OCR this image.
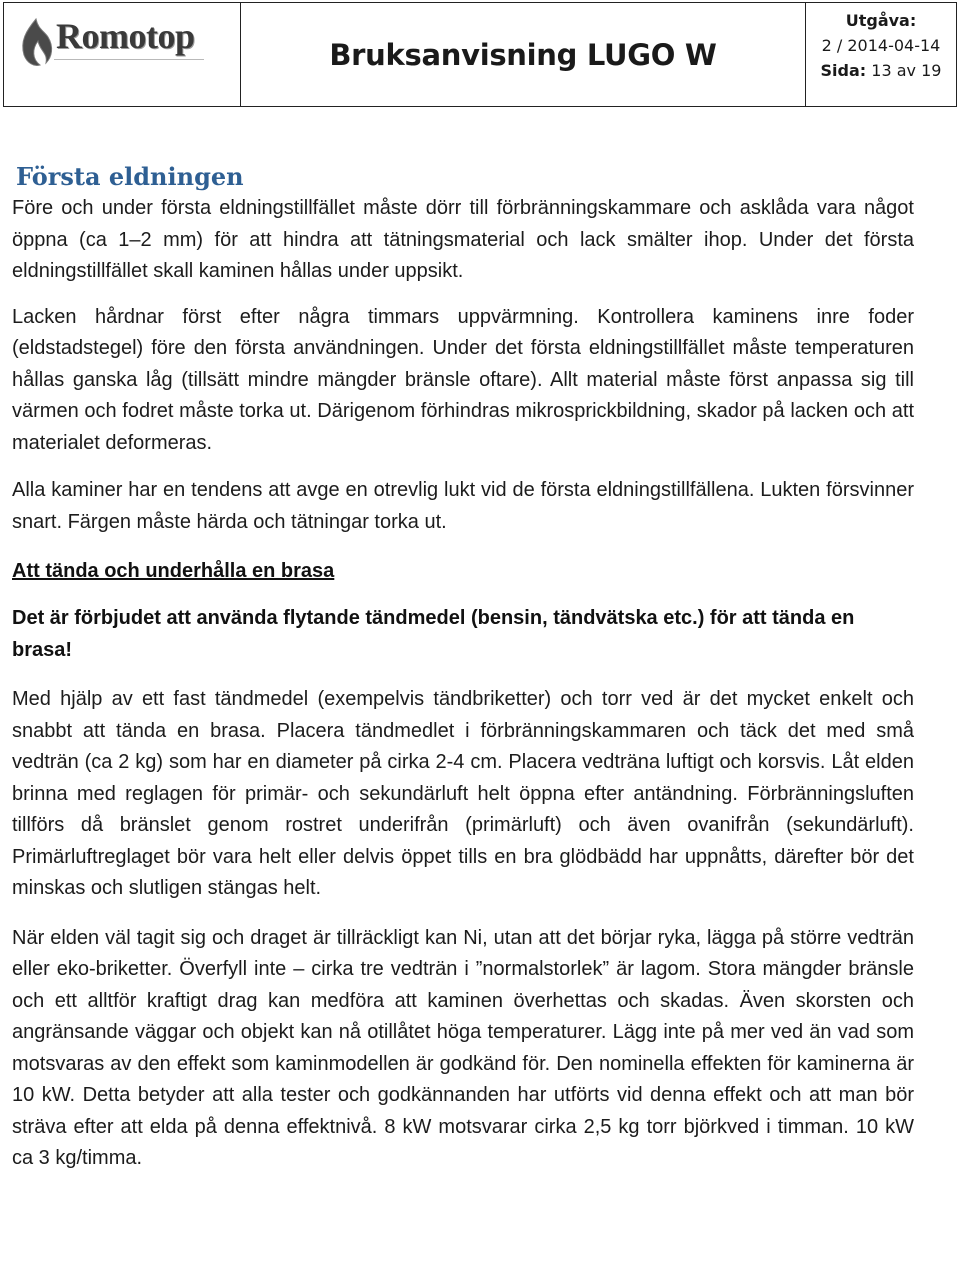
Romotop	Bruksanvisning LUGO W
Utgåva:
2 / 2014-04-14
Sida: 13 av 19
Första eldningen

Före och under första eldningstillfället måste dörr till förbränningskammare och asklåda vara något öppna (ca 1–2 mm) för att hindra att tätningsmaterial och lack smälter ihop. Under det första eldningstillfället skall kaminen hållas under uppsikt.

Lacken hårdnar först efter några timmars uppvärmning. Kontrollera kaminens inre foder (eldstadstegel) före den första användningen. Under det första eldningstillfället måste temperaturen hållas ganska låg (tillsätt mindre mängder bränsle oftare). Allt material måste först anpassa sig till värmen och fodret måste torka ut. Därigenom förhindras mikrosprickbildning, skador på lacken och att materialet deformeras.

Alla kaminer har en tendens att avge en otrevlig lukt vid de första eldningstillfällena. Lukten försvinner snart. Färgen måste härda och tätningar torka ut.

Att tända och underhålla en brasa

Det är förbjudet att använda flytande tändmedel (bensin, tändvätska etc.) för att tända en brasa!

Med hjälp av ett fast tändmedel (exempelvis tändbriketter) och torr ved är det mycket enkelt och snabbt att tända en brasa. Placera tändmedlet i förbränningskammaren och täck det med små vedträn (ca 2 kg) som har en diameter på cirka 2-4 cm. Placera vedträna luftigt och korsvis. Låt elden brinna med reglagen för primär- och sekundärluft helt öppna efter antändning. Förbränningsluften tillförs då bränslet genom rostret underifrån (primärluft) och även ovanifrån (sekundärluft). Primärluftreglaget bör vara helt eller delvis öppet tills en bra glödbädd har uppnåtts, därefter bör det minskas och slutligen stängas helt.

När elden väl tagit sig och draget är tillräckligt kan Ni, utan att det börjar ryka, lägga på större vedträn eller eko-briketter. Överfyll inte – cirka tre vedträn i ”normalstorlek” är lagom. Stora mängder bränsle och ett alltför kraftigt drag kan medföra att kaminen överhettas och skadas. Även skorsten och angränsande väggar och objekt kan nå otillåtet höga temperaturer. Lägg inte på mer ved än vad som motsvaras av den effekt som kaminmodellen är godkänd för. Den nominella effekten för kaminerna är 10 kW. Detta betyder att alla tester och godkännanden har utförts vid denna effekt och att man bör sträva efter att elda på denna effektnivå. 8 kW motsvarar cirka 2,5 kg torr björkved i timman. 10 kW ca 3 kg/timma.
